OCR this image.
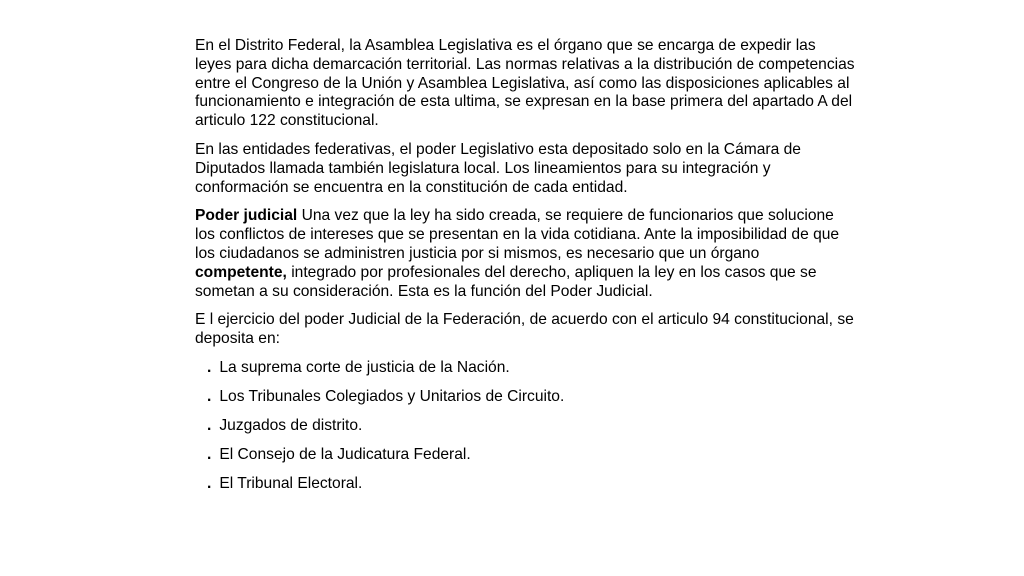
En el Distrito Federal, la Asamblea Legislativa es el órgano que se encarga de expedir las leyes para dicha demarcación territorial. Las normas relativas a la distribución de competencias entre el Congreso de la Unión y Asamblea Legislativa, así como las disposiciones aplicables al funcionamiento e integración de esta ultima, se expresan en la base primera del apartado A del articulo 122 constitucional.

En las entidades federativas, el poder Legislativo esta depositado solo en la Cámara de Diputados llamada también legislatura local. Los lineamientos para su integración y conformación se encuentra en la constitución de cada entidad.

Poder judicial Una vez que la ley ha sido creada, se requiere de funcionarios que solucione los conflictos de intereses que se presentan en la vida cotidiana. Ante la imposibilidad de que los ciudadanos se administren justicia por si mismos, es necesario que un órgano competente, integrado por profesionales del derecho, apliquen la ley en los casos que se sometan a su consideración. Esta es la función del Poder Judicial.

E l ejercicio del poder Judicial de la Federación, de acuerdo con el articulo 94 constitucional, se deposita en:

. La suprema corte de justicia de la Nación.
. Los Tribunales Colegiados y Unitarios de Circuito.
. Juzgados de distrito.
. El Consejo de la Judicatura Federal.
. El Tribunal Electoral.
